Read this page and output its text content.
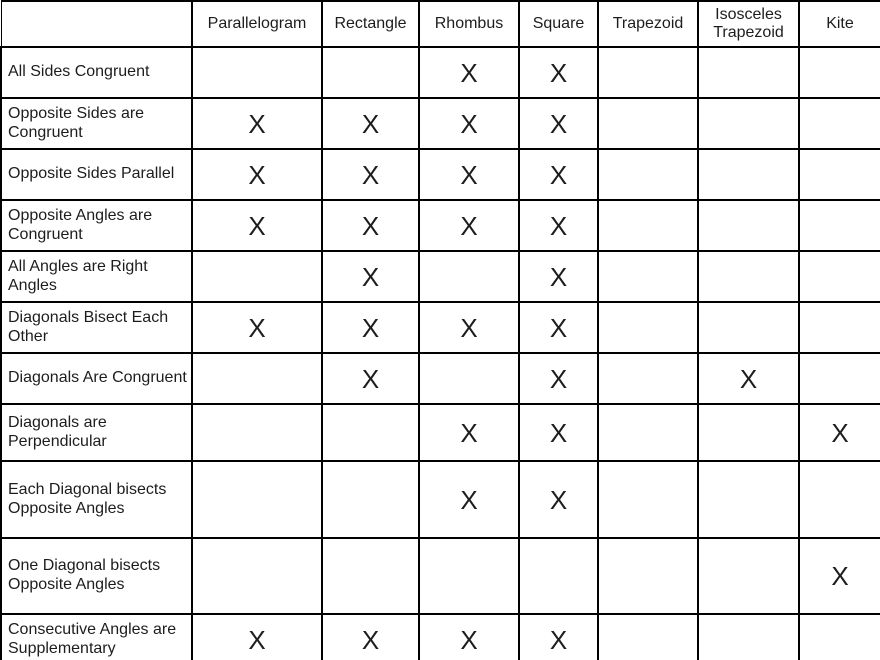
	Parallelogram	Rectangle	Rhombus	Square	Trapezoid	Isosceles Trapezoid	Kite
All Sides Congruent			X	X			
Opposite Sides are Congruent	X	X	X	X			
Opposite Sides Parallel	X	X	X	X			
Opposite Angles are Congruent	X	X	X	X			
All Angles are Right Angles		X		X			
Diagonals Bisect Each Other	X	X	X	X			
Diagonals Are Congruent		X		X		X	
Diagonals are Perpendicular			X	X			X
Each Diagonal bisects Opposite Angles			X	X			
One Diagonal bisects Opposite Angles							X
Consecutive Angles are Supplementary	X	X	X	X			
